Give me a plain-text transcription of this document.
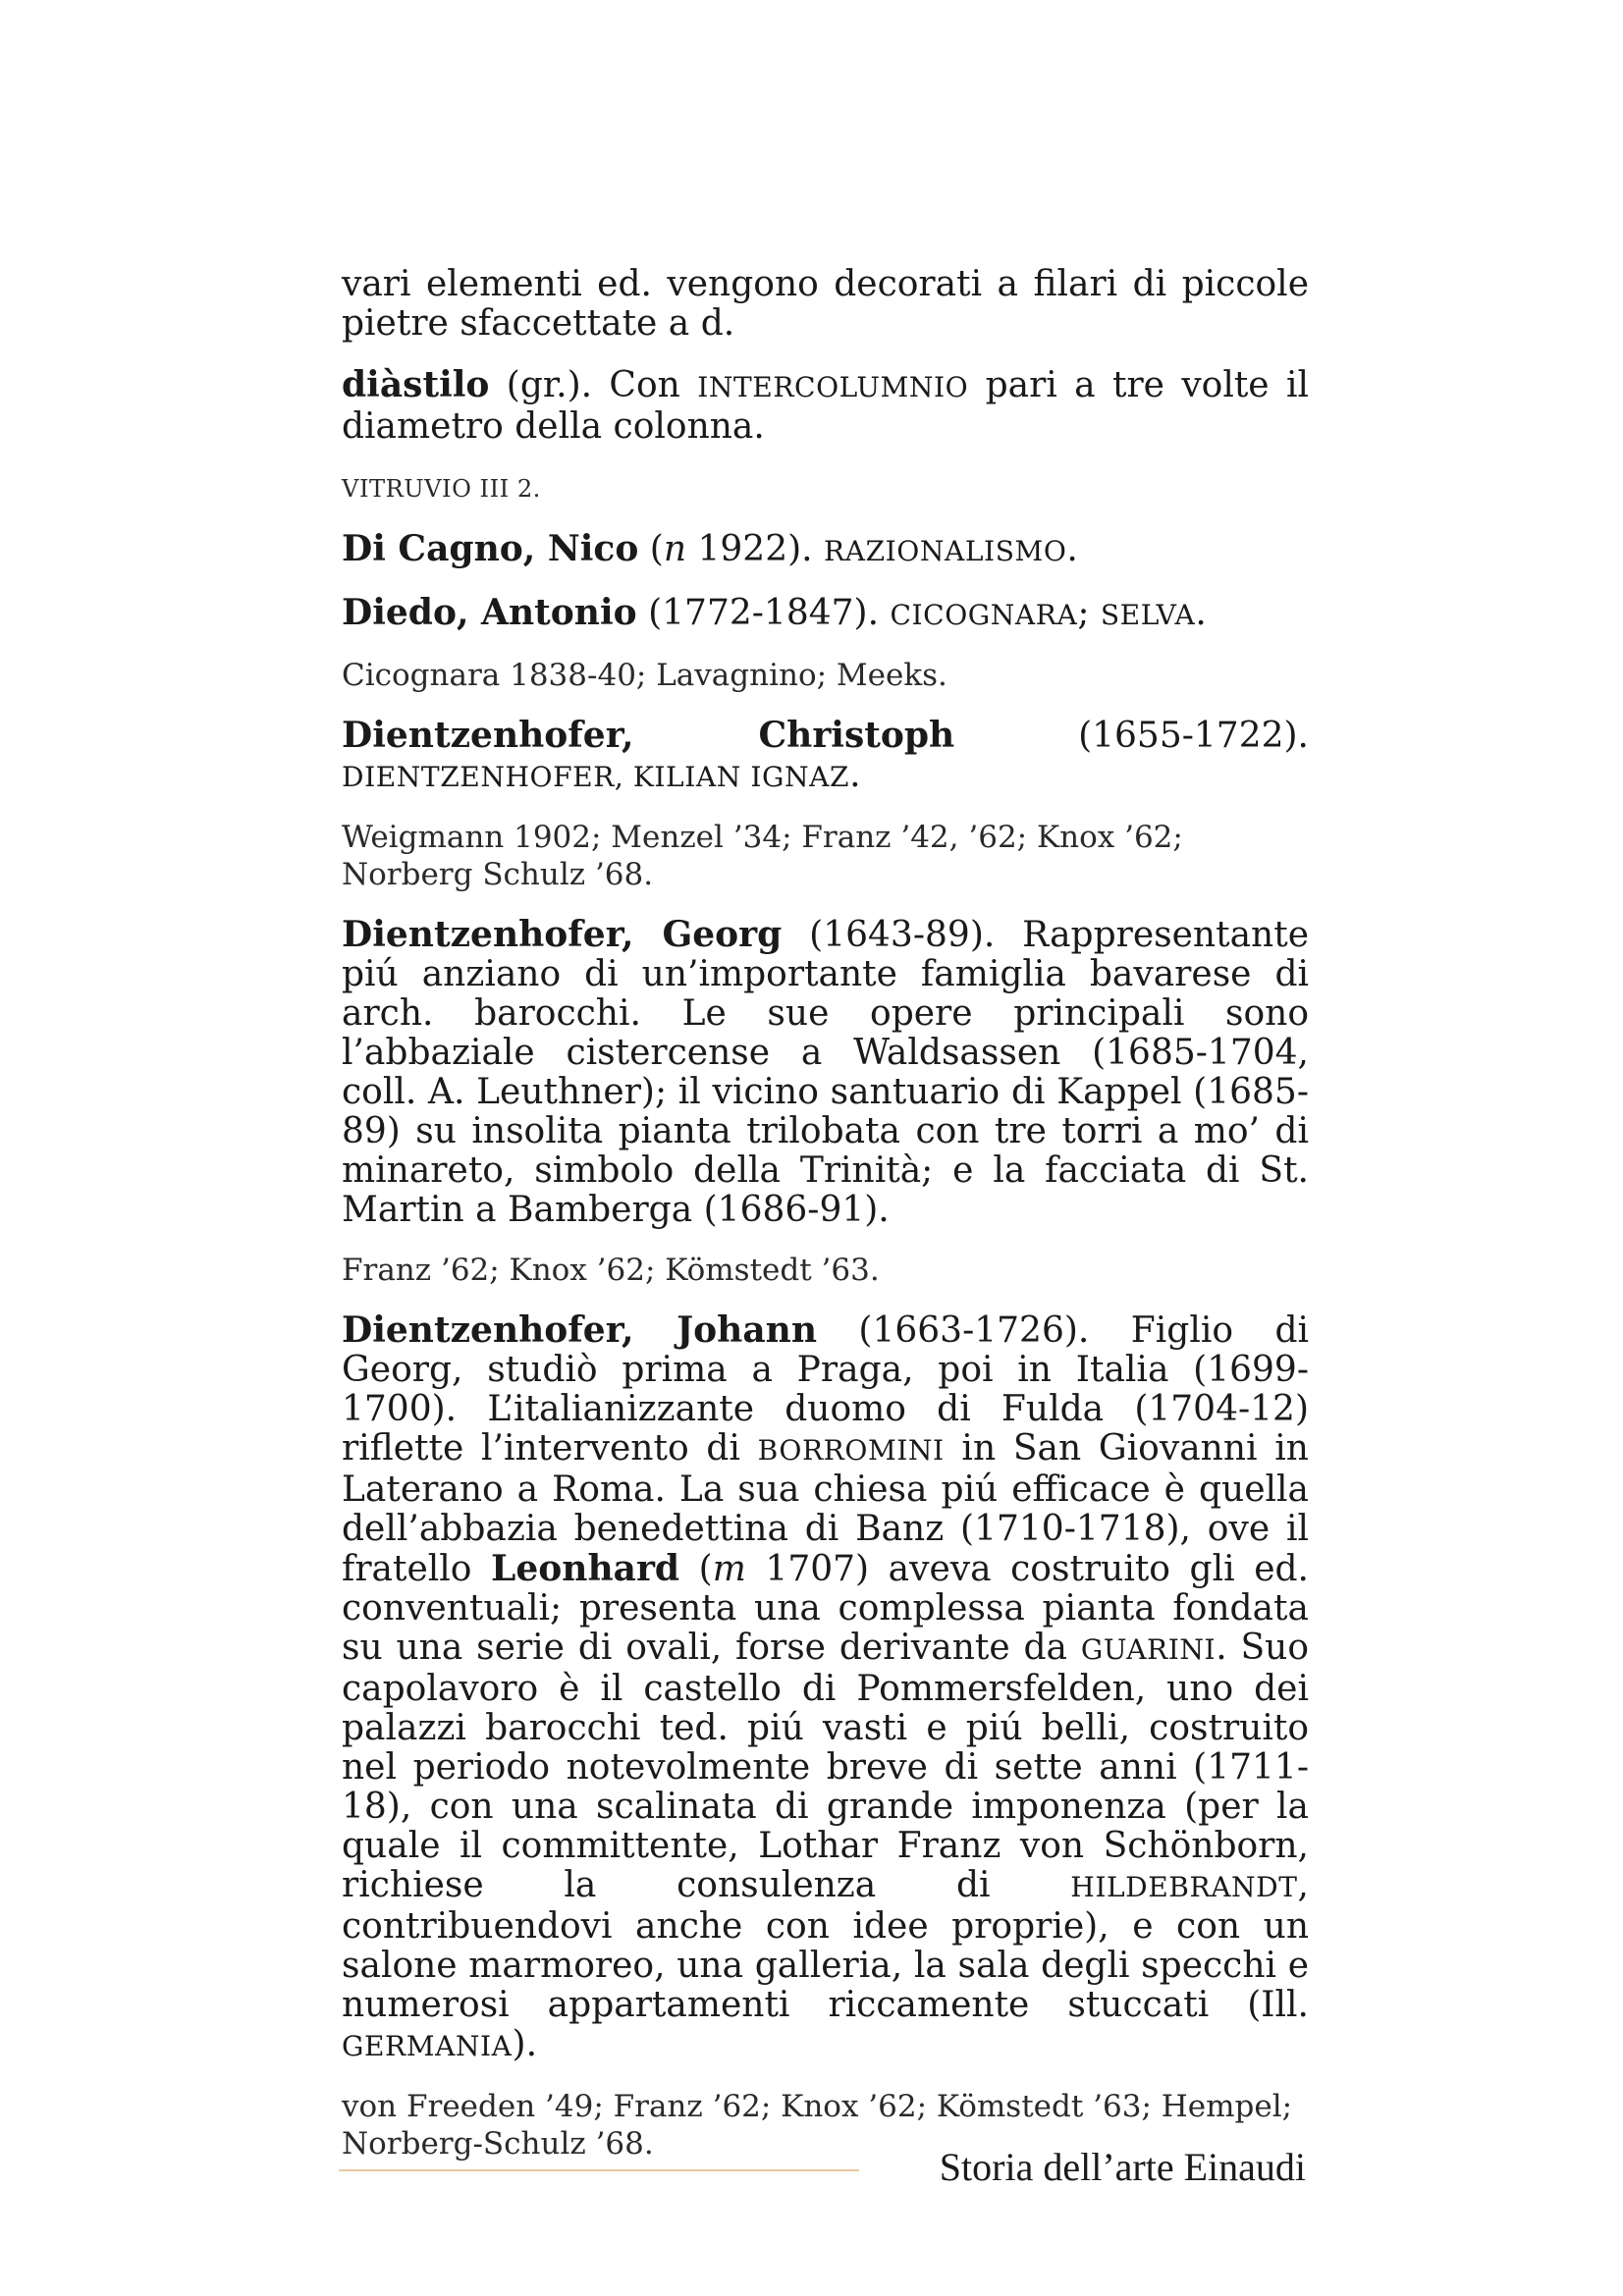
vari elementi ed. vengono decorati a filari di piccole pietre sfaccettate a d.

diàstilo (gr.). Con INTERCOLUMNIO pari a tre volte il diametro della colonna.

VITRUVIO III 2.

Di Cagno, Nico (n 1922). RAZIONALISMO.

Diedo, Antonio (1772-1847). CICOGNARA; SELVA.

Cicognara 1838-40; Lavagnino; Meeks.

Dientzenhofer, Christoph (1655-1722). DIENTZENHOFER, KILIAN IGNAZ.

Weigmann 1902; Menzel ’34; Franz ’42, ’62; Knox ’62; Norberg Schulz ’68.

Dientzenhofer, Georg (1643-89). Rappresentante piú anziano di un’importante famiglia bavarese di arch. barocchi. Le sue opere principali sono l’abbaziale cistercense a Waldsassen (1685-1704, coll. A. Leuthner); il vicino santuario di Kappel (1685-89) su insolita pianta trilobata con tre torri a mo’ di minareto, simbolo della Trinità; e la facciata di St. Martin a Bamberga (1686-91).

Franz ’62; Knox ’62; Kömstedt ’63.

Dientzenhofer, Johann (1663-1726). Figlio di Georg, studiò prima a Praga, poi in Italia (1699-1700). L’italianizzante duomo di Fulda (1704-12) riflette l’intervento di BORROMINI in San Giovanni in Laterano a Roma. La sua chiesa piú efficace è quella dell’abbazia benedettina di Banz (1710-1718), ove il fratello Leonhard (m 1707) aveva costruito gli ed. conventuali; presenta una complessa pianta fondata su una serie di ovali, forse derivante da GUARINI. Suo capolavoro è il castello di Pommersfelden, uno dei palazzi barocchi ted. piú vasti e piú belli, costruito nel periodo notevolmente breve di sette anni (1711-18), con una scalinata di grande imponenza (per la quale il committente, Lothar Franz von Schönborn, richiese la consulenza di HILDEBRANDT, contribuendovi anche con idee proprie), e con un salone marmoreo, una galleria, la sala degli specchi e numerosi appartamenti riccamente stuccati (Ill. GERMANIA).

von Freeden ’49; Franz ’62; Knox ’62; Kömstedt ’63; Hempel; Norberg-Schulz ’68.

Storia dell’arte Einaudi
